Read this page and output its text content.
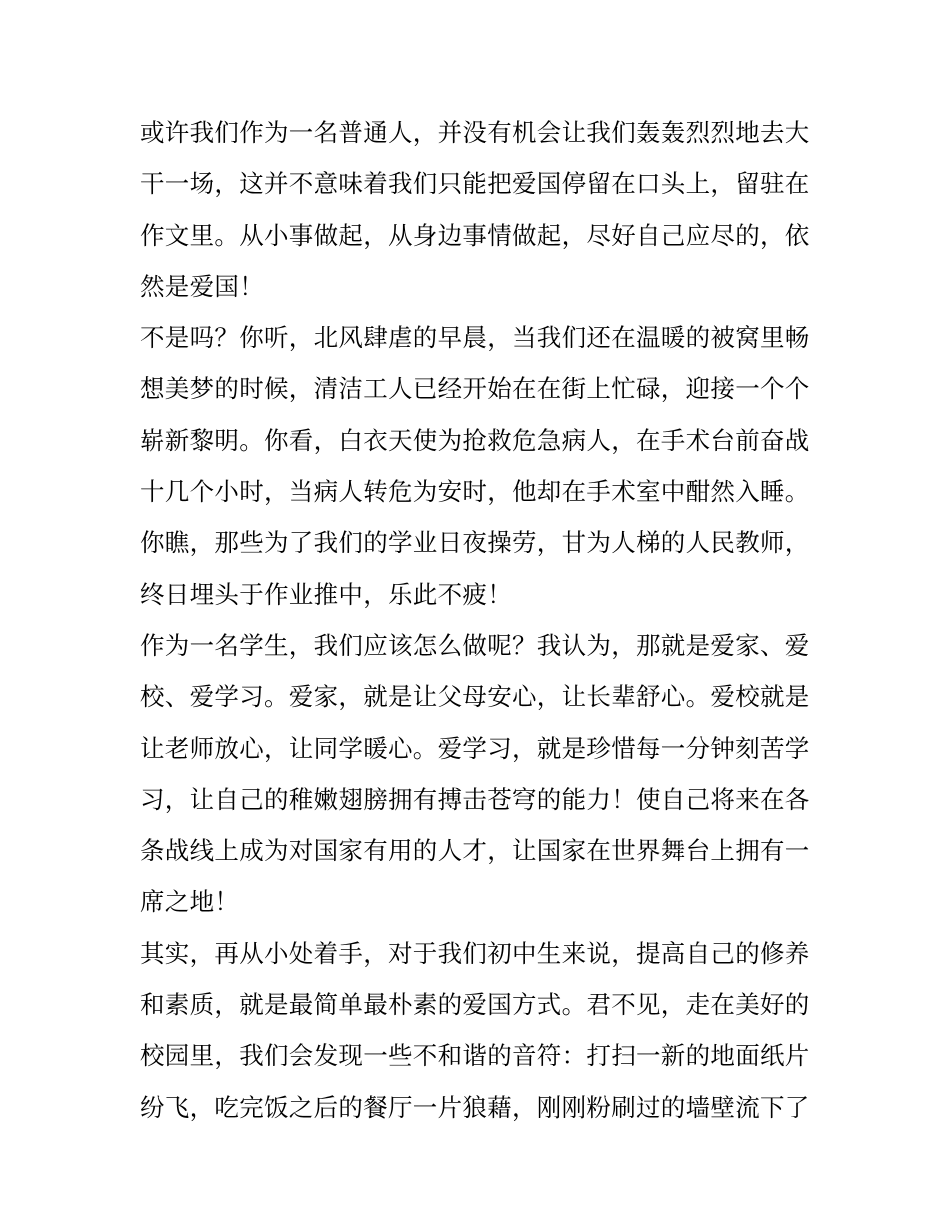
或许我们作为一名普通人，并没有机会让我们轰轰烈烈地去大
干一场，这并不意味着我们只能把爱国停留在口头上，留驻在
作文里。从小事做起，从身边事情做起，尽好自己应尽的，依
然是爱国！
不是吗？你听，北风肆虐的早晨，当我们还在温暖的被窝里畅
想美梦的时候，清洁工人已经开始在在街上忙碌，迎接一个个
崭新黎明。你看，白衣天使为抢救危急病人，在手术台前奋战
十几个小时，当病人转危为安时，他却在手术室中酣然入睡。
你瞧，那些为了我们的学业日夜操劳，甘为人梯的人民教师，
终日埋头于作业推中，乐此不疲！
作为一名学生，我们应该怎么做呢？我认为，那就是爱家、爱
校、爱学习。爱家，就是让父母安心，让长辈舒心。爱校就是
让老师放心，让同学暖心。爱学习，就是珍惜每一分钟刻苦学
习，让自己的稚嫩翅膀拥有搏击苍穹的能力！使自己将来在各
条战线上成为对国家有用的人才，让国家在世界舞台上拥有一
席之地！
其实，再从小处着手，对于我们初中生来说，提高自己的修养
和素质，就是最简单最朴素的爱国方式。君不见，走在美好的
校园里，我们会发现一些不和谐的音符：打扫一新的地面纸片
纷飞，吃完饭之后的餐厅一片狼藉，刚刚粉刷过的墙壁流下了
